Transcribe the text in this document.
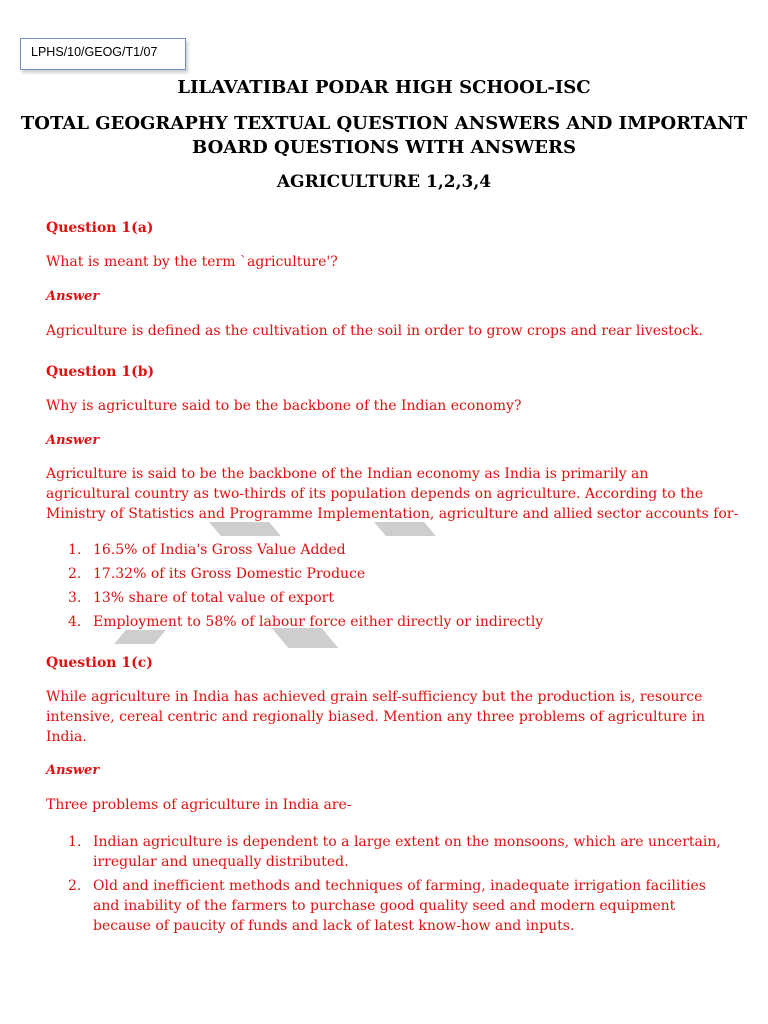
LPHS/10/GEOG/T1/07
LILAVATIBAI PODAR HIGH SCHOOL-ISC
TOTAL GEOGRAPHY TEXTUAL QUESTION ANSWERS AND IMPORTANT
BOARD QUESTIONS WITH ANSWERS
AGRICULTURE 1,2,3,4
Question 1(a)
What is meant by the term `agriculture'?
Answer
Agriculture is defined as the cultivation of the soil in order to grow crops and rear livestock.
Question 1(b)
Why is agriculture said to be the backbone of the Indian economy?
Answer
Agriculture is said to be the backbone of the Indian economy as India is primarily an
agricultural country as two-thirds of its population depends on agriculture. According to the
Ministry of Statistics and Programme Implementation, agriculture and allied sector accounts for-
1. 16.5% of India's Gross Value Added
2. 17.32% of its Gross Domestic Produce
3. 13% share of total value of export
4. Employment to 58% of labour force either directly or indirectly
Question 1(c)
While agriculture in India has achieved grain self-sufficiency but the production is, resource
intensive, cereal centric and regionally biased. Mention any three problems of agriculture in
India.
Answer
Three problems of agriculture in India are-
1. Indian agriculture is dependent to a large extent on the monsoons, which are uncertain,
irregular and unequally distributed.
2. Old and inefficient methods and techniques of farming, inadequate irrigation facilities
and inability of the farmers to purchase good quality seed and modern equipment
because of paucity of funds and lack of latest know-how and inputs.
